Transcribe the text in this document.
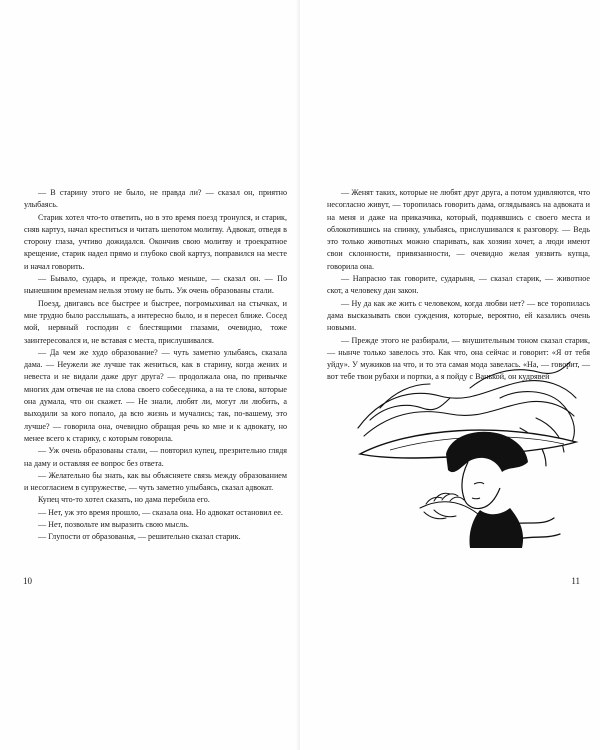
— В старину этого не было, не правда ли? — сказал он, приятно улыбаясь.

Старик хотел что-то ответить, но в это время поезд тронулся, и старик, сняв картуз, начал креститься и читать шепотом молитву. Адвокат, отведя в сторону глаза, учтиво дожидался. Окончив свою молитву и троекратное крещение, старик надел прямо и глубоко свой картуз, поправился на месте и начал говорить.

— Бывало, сударь, и прежде, только меньше, — сказал он. — По нынешним временам нельзя этому не быть. Уж очень образованы стали.

Поезд, двигаясь все быстрее и быстрее, погромыхивал на стычках, и мне трудно было расслышать, а интересно было, и я пересел ближе. Сосед мой, нервный господин с блестящими глазами, очевидно, тоже заинтересовался и, не вставая с места, прислушивался.

— Да чем же худо образование? — чуть заметно улыбаясь, сказала дама. — Неужели же лучше так жениться, как в старину, когда жених и невеста и не видали даже друг друга? — продолжала она, по привычке многих дам отвечая не на слова своего собеседника, а на те слова, которые она думала, что он скажет. — Не знали, любят ли, могут ли любить, а выходили за кого попало, да всю жизнь и мучались; так, по-вашему, это лучше? — говорила она, очевидно обращая речь ко мне и к адвокату, но менее всего к старику, с которым говорила.

— Уж очень образованы стали, — повторил купец, презрительно глядя на даму и оставляя ее вопрос без ответа.

— Желательно бы знать, как вы объясняете связь между образованием и несогласием в супружестве, — чуть заметно улыбаясь, сказал адвокат.

Купец что-то хотел сказать, но дама перебила его.

— Нет, уж это время прошло, — сказала она. Но адвокат остановил ее.

— Нет, позвольте им выразить свою мысль.

— Глупости от образованья, — решительно сказал старик.

10

— Женят таких, которые не любят друг друга, а потом удивляются, что несогласно живут, — торопилась говорить дама, оглядываясь на адвоката и на меня и даже на приказчика, который, поднявшись с своего места и облокотившись на спинку, улыбаясь, прислушивался к разговору. — Ведь это только животных можно спаривать, как хозяин хочет, а люди имеют свои склонности, привязанности, — очевидно желая уязвить купца, говорила она.

— Напрасно так говорите, сударыня, — сказал старик, — животное скот, а человеку дан закон.

— Ну да как же жить с человеком, когда любви нет? — все торопилась дама высказывать свои суждения, которые, вероятно, ей казались очень новыми.

— Прежде этого не разбирали, — внушительным тоном сказал старик, — нынче только завелось это. Как что, она сейчас и говорит: «Я от тебя уйду». У мужиков на что, и то эта самая мода завелась. «На, — говорит, — вот тебе твои рубахи и портки, а я пойду с Ванькой, он кудрявей

11
